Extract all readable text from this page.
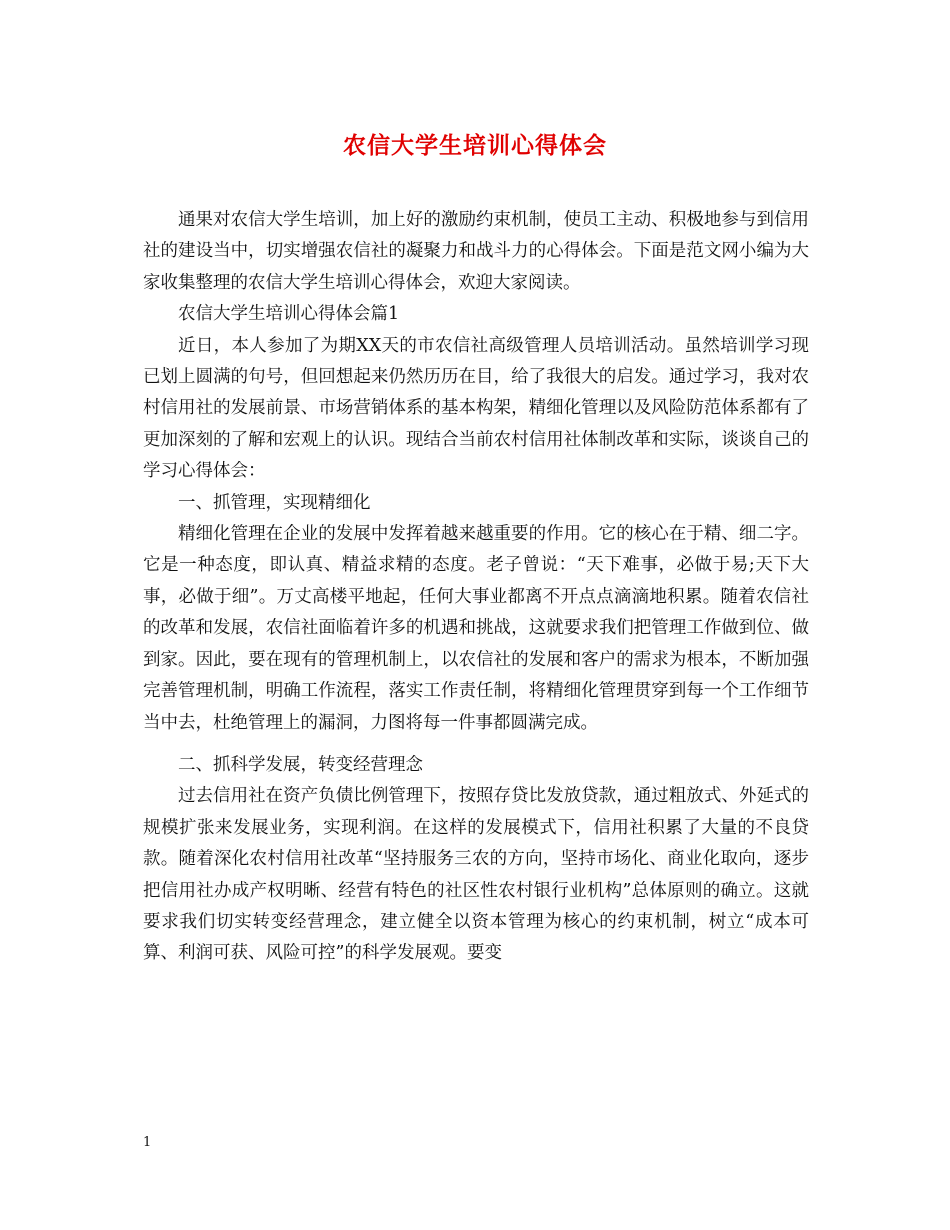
农信大学生培训心得体会

通果对农信大学生培训，加上好的激励约束机制，使员工主动、积极地参与到信用社的建设当中，切实增强农信社的凝聚力和战斗力的心得体会。下面是范文网小编为大家收集整理的农信大学生培训心得体会，欢迎大家阅读。

农信大学生培训心得体会篇1

近日，本人参加了为期XX天的市农信社高级管理人员培训活动。虽然培训学习现已划上圆满的句号，但回想起来仍然历历在目，给了我很大的启发。通过学习，我对农村信用社的发展前景、市场营销体系的基本构架，精细化管理以及风险防范体系都有了更加深刻的了解和宏观上的认识。现结合当前农村信用社体制改革和实际，谈谈自己的学习心得体会：

一、抓管理，实现精细化

精细化管理在企业的发展中发挥着越来越重要的作用。它的核心在于精、细二字。它是一种态度，即认真、精益求精的态度。老子曾说：“天下难事，必做于易;天下大事，必做于细”。万丈高楼平地起，任何大事业都离不开点点滴滴地积累。随着农信社的改革和发展，农信社面临着许多的机遇和挑战，这就要求我们把管理工作做到位、做到家。因此，要在现有的管理机制上，以农信社的发展和客户的需求为根本，不断加强完善管理机制，明确工作流程，落实工作责任制，将精细化管理贯穿到每一个工作细节当中去，杜绝管理上的漏洞，力图将每一件事都圆满完成。

二、抓科学发展，转变经营理念

过去信用社在资产负债比例管理下，按照存贷比发放贷款，通过粗放式、外延式的规模扩张来发展业务，实现利润。在这样的发展模式下，信用社积累了大量的不良贷款。随着深化农村信用社改革“坚持服务三农的方向，坚持市场化、商业化取向，逐步把信用社办成产权明晰、经营有特色的社区性农村银行业机构”总体原则的确立。这就要求我们切实转变经营理念，建立健全以资本管理为核心的约束机制，树立“成本可算、利润可获、风险可控”的科学发展观。要变

1
